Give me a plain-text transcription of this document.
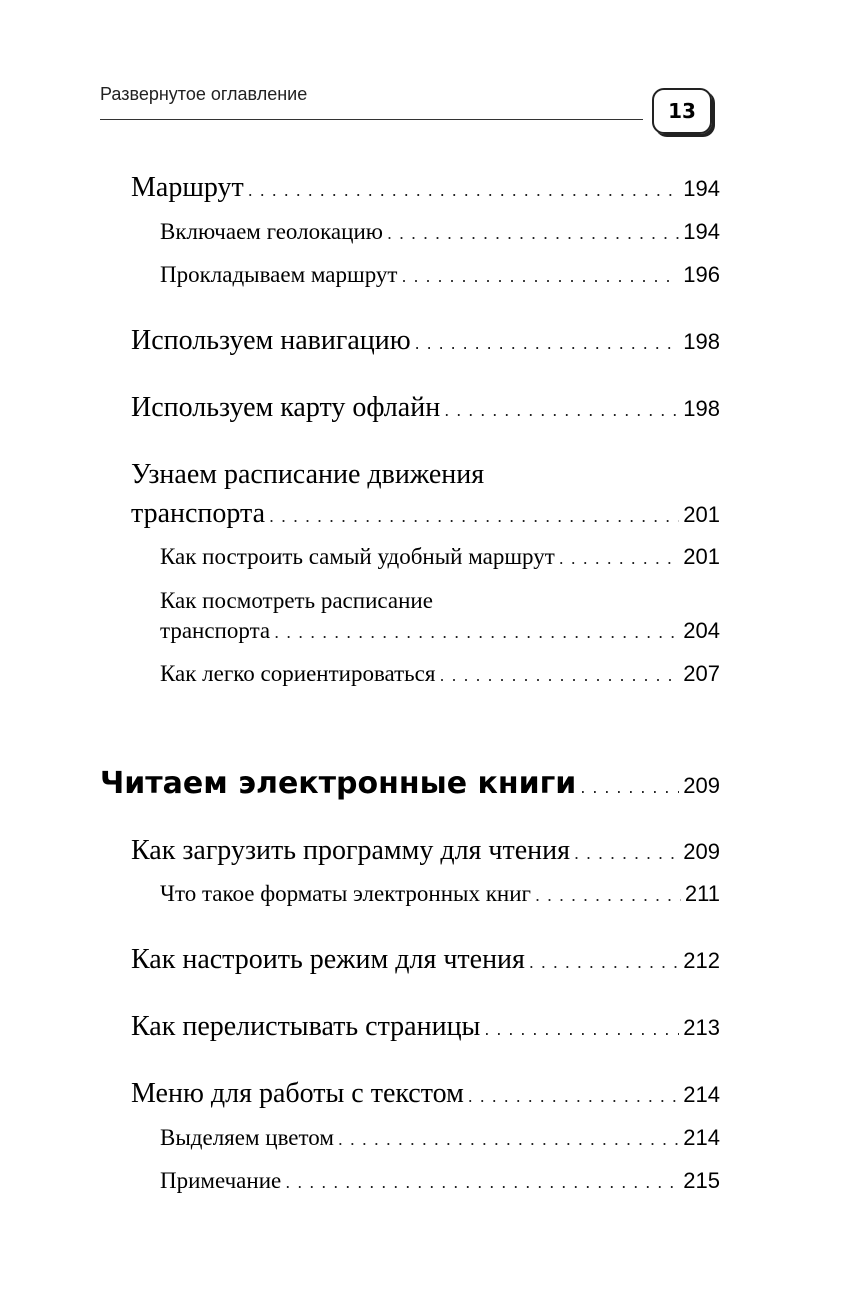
Развернутое оглавление
13
Маршрут . . .	194
Включаем геолокацию . . .	194
Прокладываем маршрут . . .	196
Используем навигацию . . .	198
Используем карту офлайн . . .	198
Узнаем расписание движения
транспорта . . .	201
Как построить самый удобный маршрут . . .	201
Как посмотреть расписание
транспорта . . .	204
Как легко сориентироваться . . .	207
Читаем электронные книги . . .	209
Как загрузить программу для чтения . . .	209
Что такое форматы электронных книг . . .	211
Как настроить режим для чтения . . .	212
Как перелистывать страницы . . .	213
Меню для работы с текстом . . .	214
Выделяем цветом . . .	214
Примечание . . .	215
